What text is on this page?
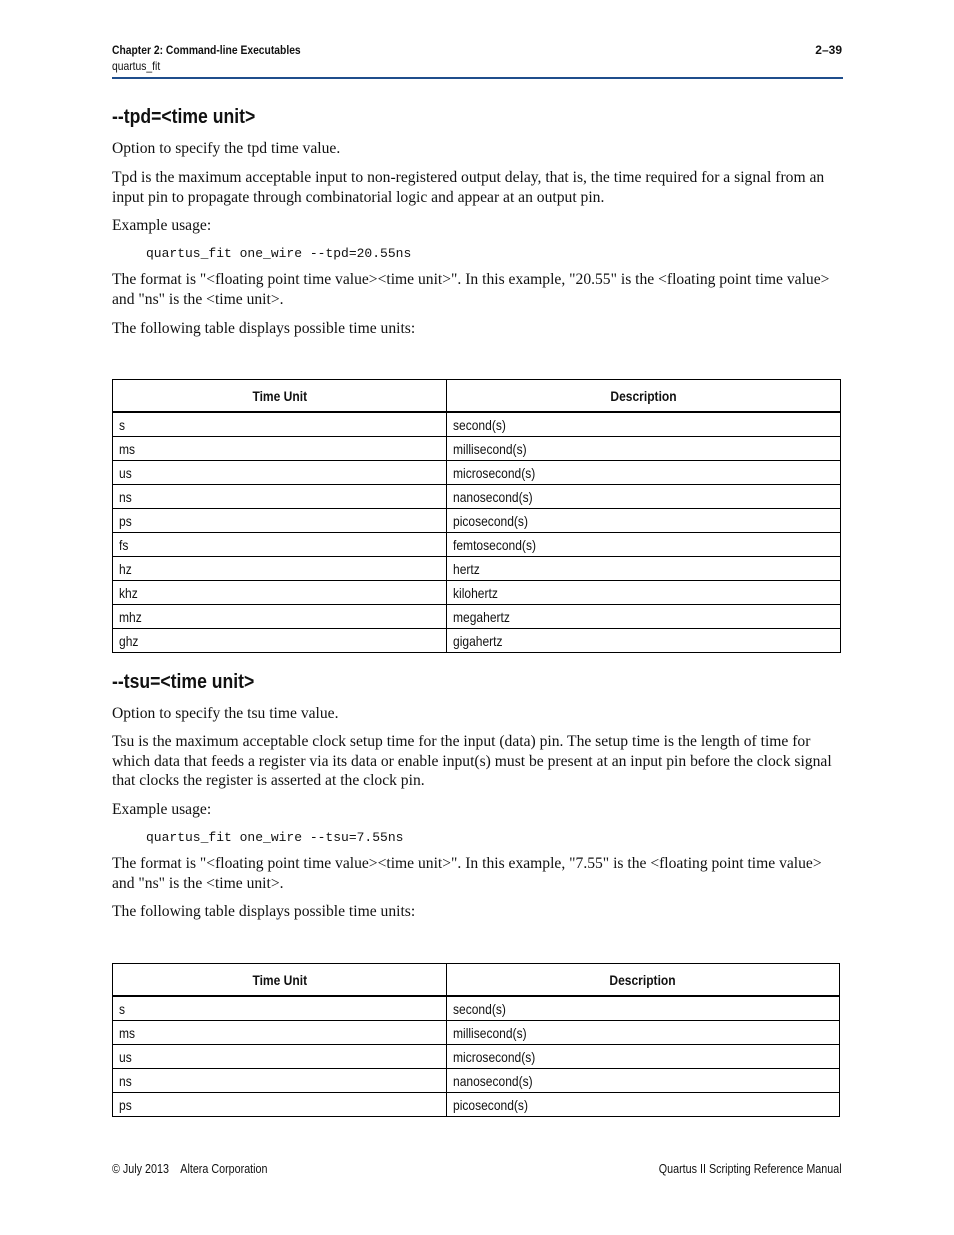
Chapter 2: Command-line Executables
quartus_fit
2–39
--tpd=<time unit>
Option to specify the tpd time value.
Tpd is the maximum acceptable input to non-registered output delay, that is, the time required for a signal from an input pin to propagate through combinatorial logic and appear at an output pin.
Example usage:
quartus_fit one_wire --tpd=20.55ns
The format is "<floating point time value><time unit>". In this example, "20.55" is the <floating point time value> and "ns" is the <time unit>.
The following table displays possible time units:
Time Unit	Description
s	second(s)
ms	millisecond(s)
us	microsecond(s)
ns	nanosecond(s)
ps	picosecond(s)
fs	femtosecond(s)
hz	hertz
khz	kilohertz
mhz	megahertz
ghz	gigahertz
--tsu=<time unit>
Option to specify the tsu time value.
Tsu is the maximum acceptable clock setup time for the input (data) pin. The setup time is the length of time for which data that feeds a register via its data or enable input(s) must be present at an input pin before the clock signal that clocks the register is asserted at the clock pin.
Example usage:
quartus_fit one_wire --tsu=7.55ns
The format is "<floating point time value><time unit>". In this example, "7.55" is the <floating point time value> and "ns" is the <time unit>.
The following table displays possible time units:
Time Unit	Description
s	second(s)
ms	millisecond(s)
us	microsecond(s)
ns	nanosecond(s)
ps	picosecond(s)
© July 2013    Altera Corporation	Quartus II Scripting Reference Manual
